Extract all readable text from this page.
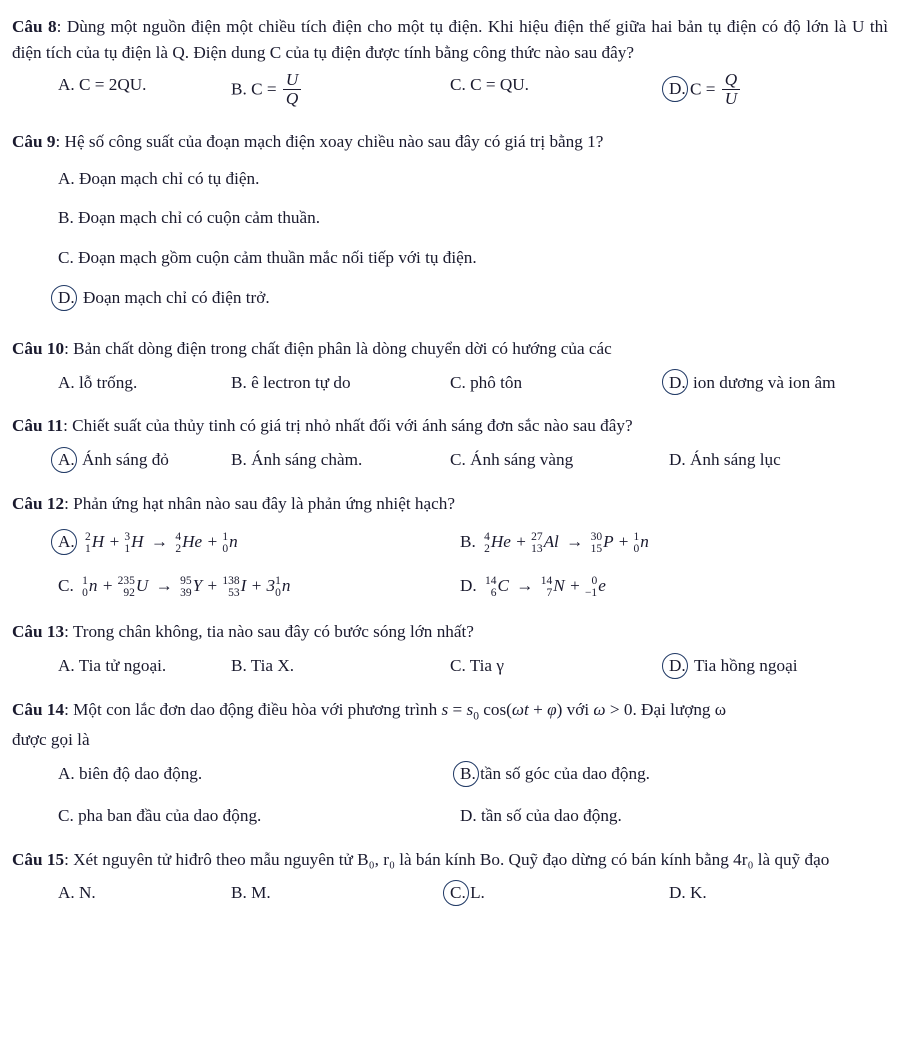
Câu 8: Dùng một nguồn điện một chiều tích điện cho một tụ điện. Khi hiệu điện thế giữa hai bản tụ điện có độ lớn là U thì điện tích của tụ điện là Q. Điện dung C của tụ điện được tính bằng công thức nào sau đây?

A. C = 2QU.	B. $C = \frac{U}{Q}$	C. C = QU.	D. $C = \frac{Q}{U}$

Câu 9: Hệ số công suất của đoạn mạch điện xoay chiều nào sau đây có giá trị bằng 1?

A. Đoạn mạch chỉ có tụ điện.
B. Đoạn mạch chỉ có cuộn cảm thuần.
C. Đoạn mạch gồm cuộn cảm thuần mắc nối tiếp với tụ điện.
D. Đoạn mạch chỉ có điện trở.

Câu 10: Bản chất dòng điện trong chất điện phân là dòng chuyển dời có hướng của các

A. lỗ trống.	B. ê lectron tự do	C. phô tôn	D. ion dương và ion âm

Câu 11: Chiết suất của thủy tinh có giá trị nhỏ nhất đối với ánh sáng đơn sắc nào sau đây?

A. Ánh sáng đỏ	B. Ánh sáng chàm.	C. Ánh sáng vàng	D. Ánh sáng lục

Câu 12: Phản ứng hạt nhân nào sau đây là phản ứng nhiệt hạch?

A. 2
1 H + 3
1 H → 4
2 He + 1
0 n	B. 4
2 He + 27
13 Al → 30
15 P + 1
0 n
C. 1
0 n + 235
92 U → 95
39 Y + 138
53 I + 3 1
0 n	D. 14
6 C → 14
7 N + 0
−1 e

Câu 13: Trong chân không, tia nào sau đây có bước sóng lớn nhất?

A. Tia tử ngoại.	B. Tia X.	C. Tia γ	D. Tia hồng ngoại

Câu 14: Một con lắc đơn dao động điều hòa với phương trình $s = s_0$ cos(ωt + φ) với ω > 0. Đại lượng ω

được gọi là

A. biên độ dao động.	B. tần số góc của dao động.
C. pha ban đầu của dao động.	D. tần số của dao động.

Câu 15: Xét nguyên tử hiđrô theo mẫu nguyên tử B₀, r₀ là bán kính Bo. Quỹ đạo dừng có bán kính bằng 4r₀ là quỹ đạo

A. N.	B. M.	C. L.	D. K.
